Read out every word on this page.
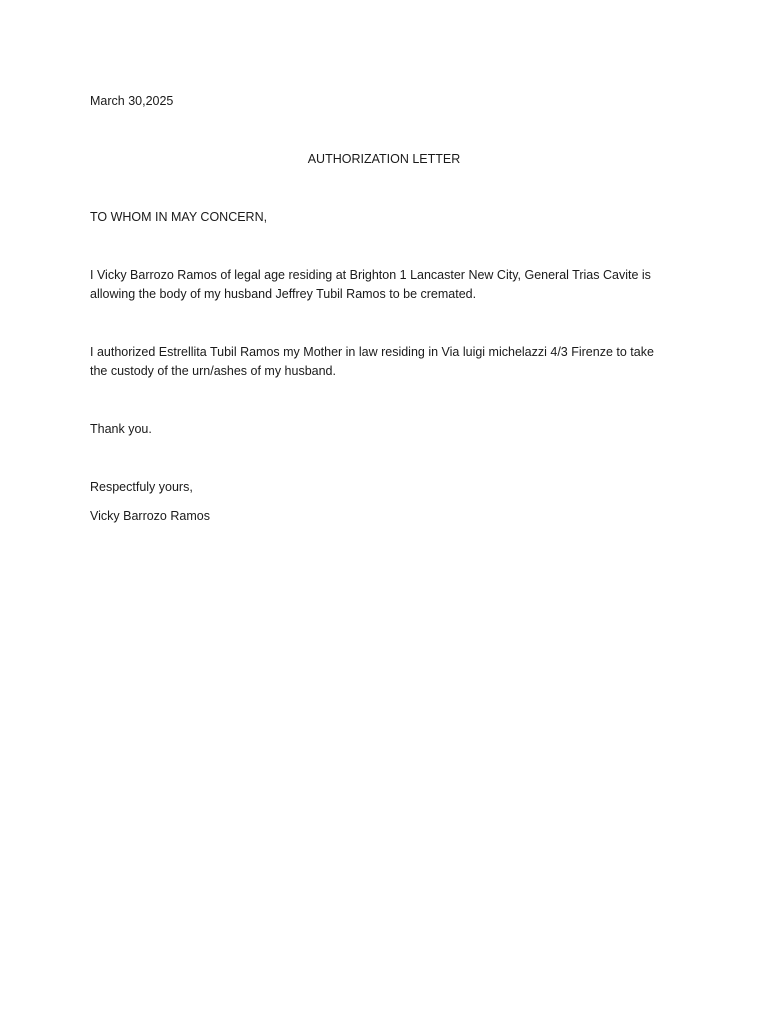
March 30,2025

AUTHORIZATION LETTER

TO WHOM IN MAY CONCERN,

I Vicky Barrozo Ramos of legal age residing at Brighton 1 Lancaster New City, General Trias Cavite is
allowing the body of my husband Jeffrey Tubil Ramos to be cremated.
I authorized Estrellita Tubil Ramos my Mother in law residing in Via luigi michelazzi 4/3 Firenze to take
the custody of the urn/ashes of my husband.

Thank you.

Respectfuly yours,

Vicky Barrozo Ramos
